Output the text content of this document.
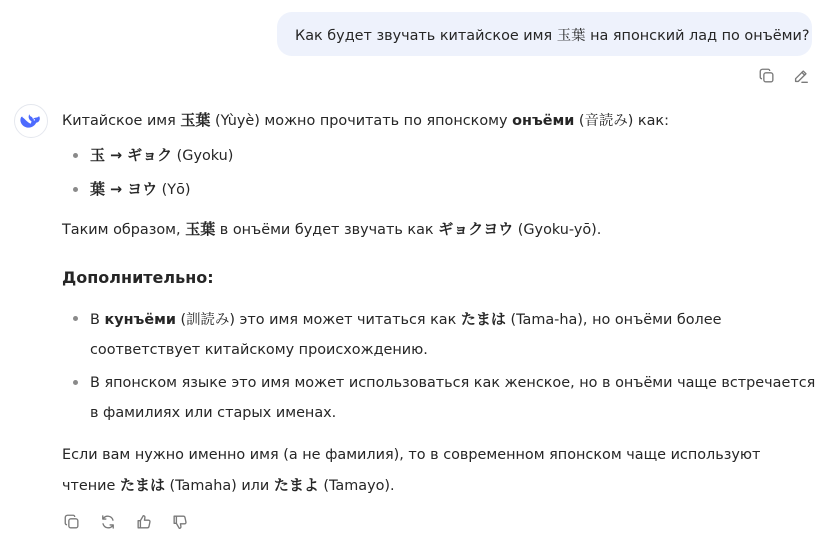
Как будет звучать китайское имя 玉葉 на японский лад по онъёми?

Китайское имя 玉葉 (Yùyè) можно прочитать по японскому онъёми (音読み) как:

玉 → ギョク (Gyoku)
葉 → ヨウ (Yō)

Таким образом, 玉葉 в онъёми будет звучать как ギョクヨウ (Gyoku-yō).

Дополнительно:

В кунъёми (訓読み) это имя может читаться как たまは (Tama-ha), но онъёми более соответствует китайскому происхождению.
В японском языке это имя может использоваться как женское, но в онъёми чаще встречается в фамилиях или старых именах.

Если вам нужно именно имя (а не фамилия), то в современном японском чаще используют чтение たまは (Tamaha) или たまよ (Tamayo).
